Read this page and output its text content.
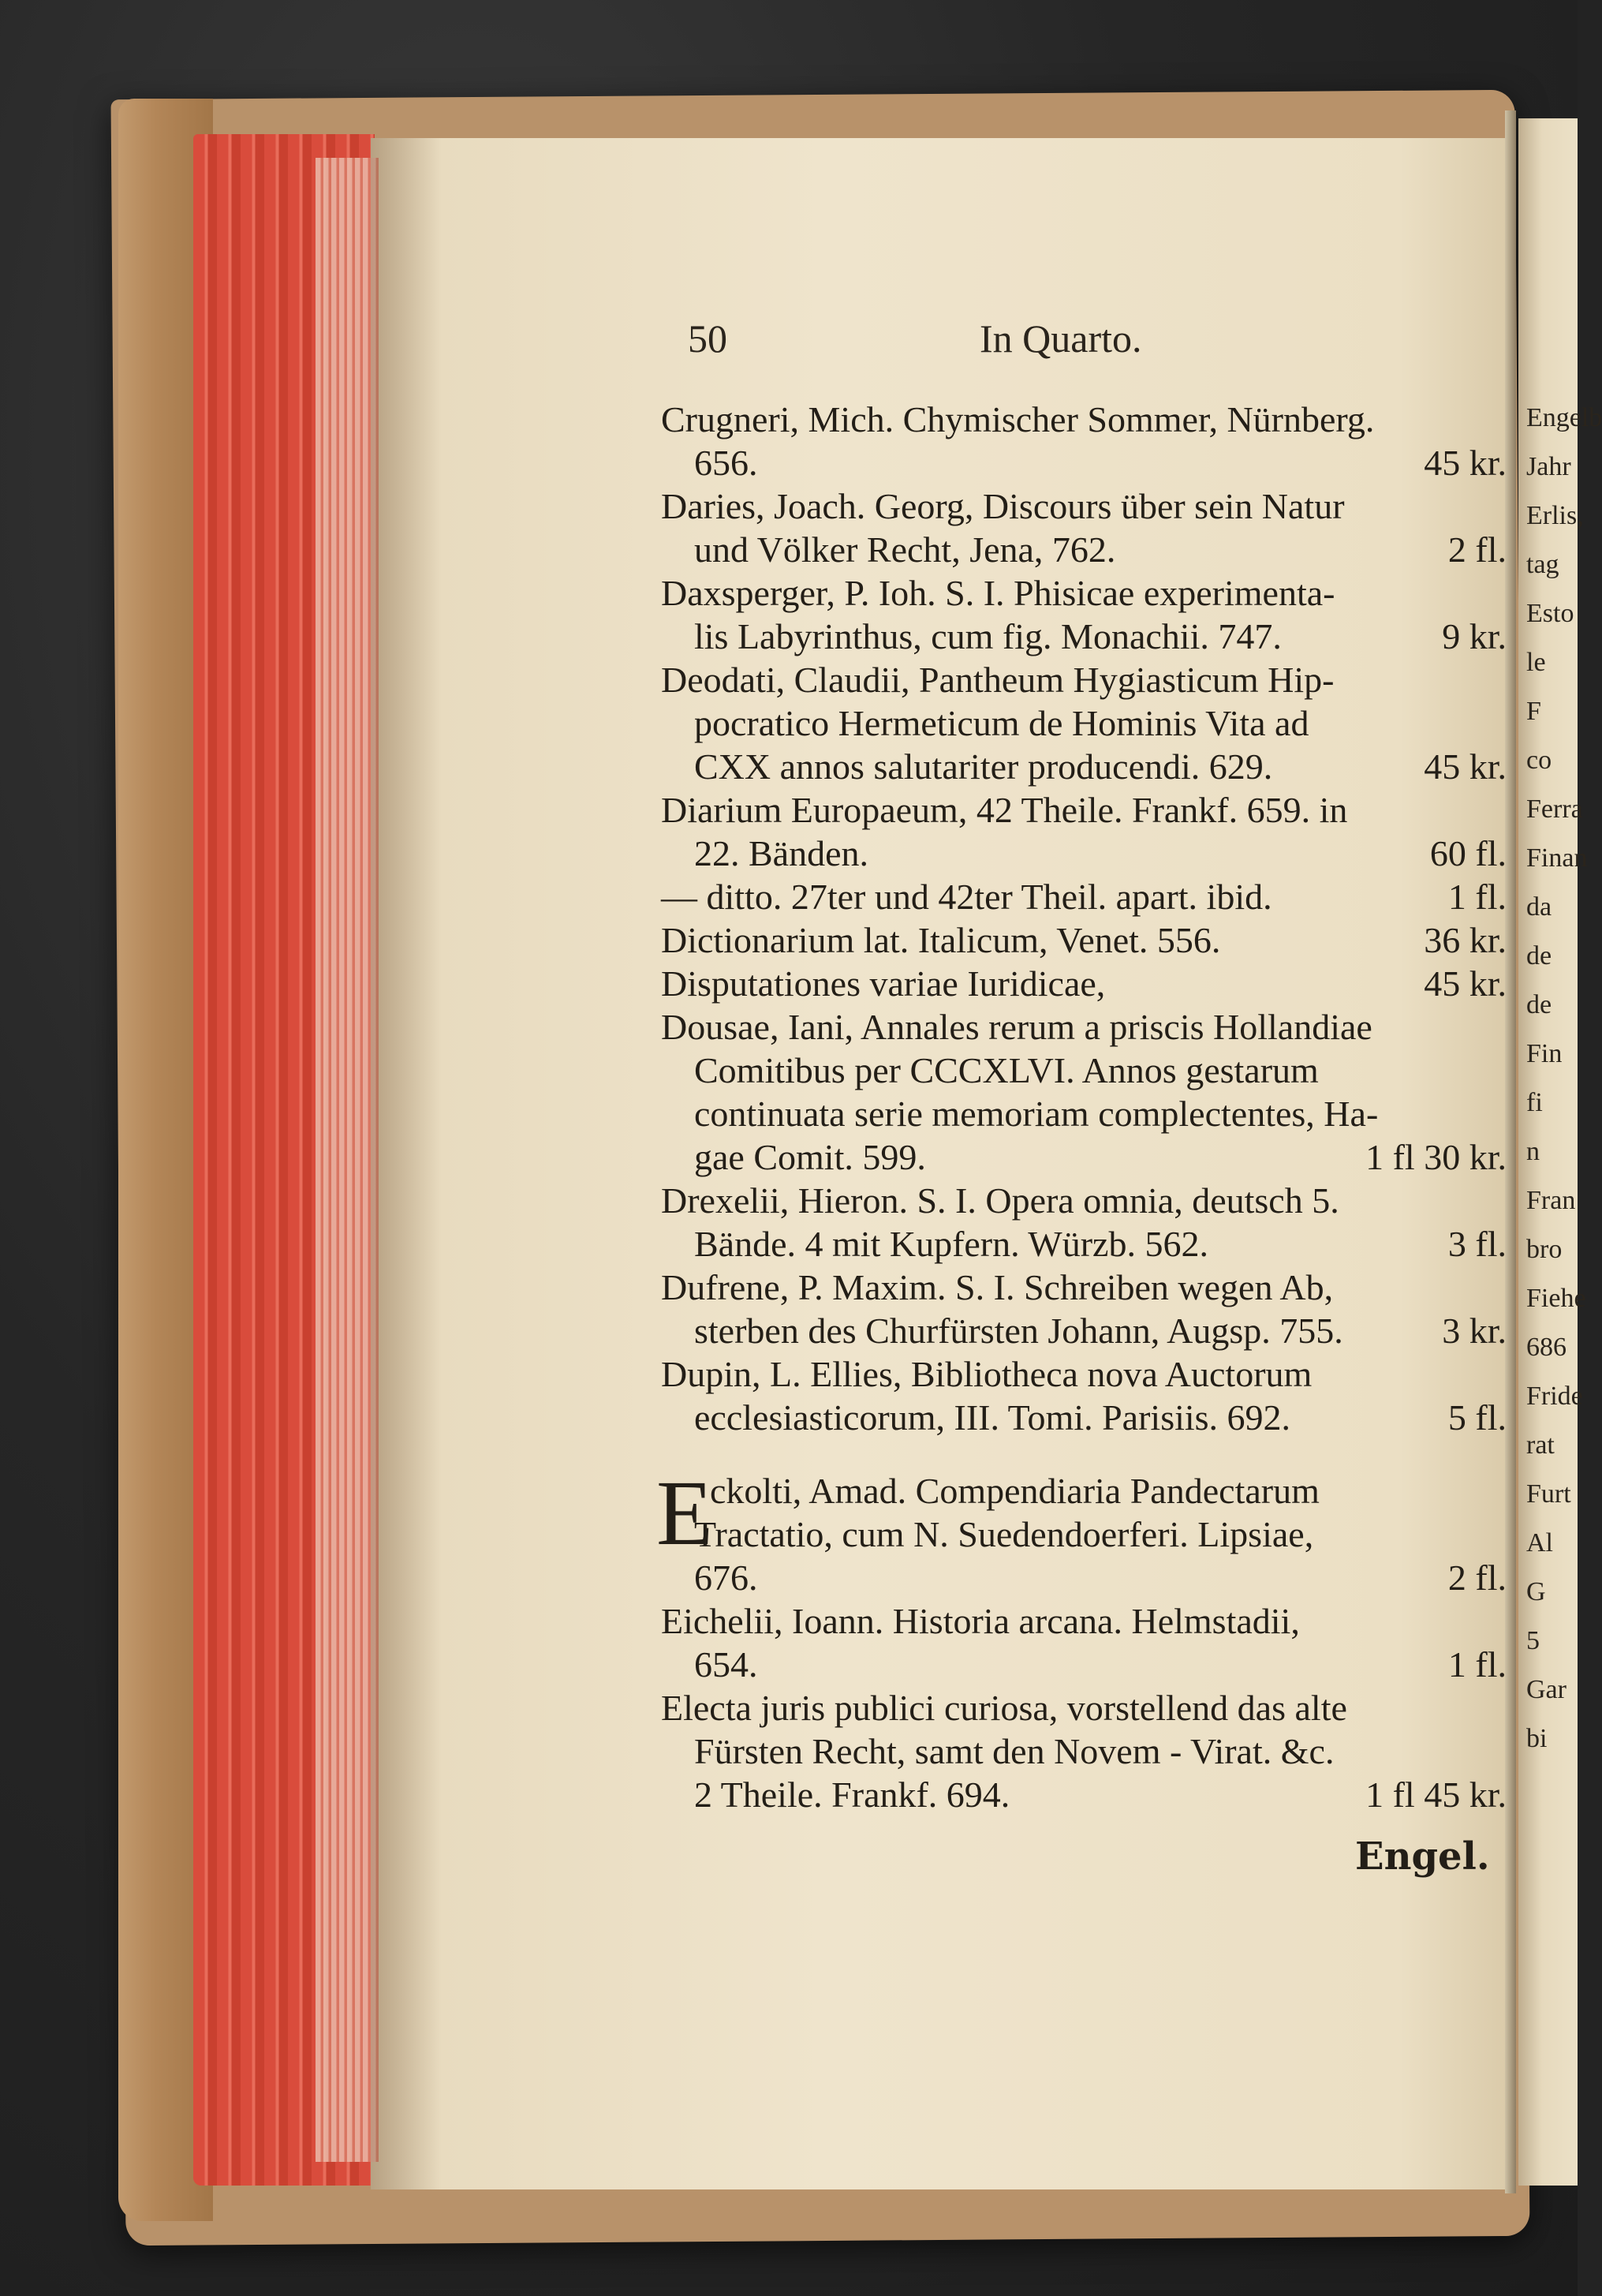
Engelb
Jahr
Erlis,
tag
Esto
le
F
co
Ferra
Finan
da
de
de
Fin
fi
n
Fran
bro
Fiehe
686
Fride
rat
Furt
Al
G
5
Gar
bi
50	In Quarto.
Crugneri, Mich. Chymischer Sommer, Nürnberg.
656.	45 kr.
Daries, Joach. Georg, Discours über sein Natur
und Völker Recht, Jena, 762.	2 fl.
Daxsperger, P. Ioh. S. I. Phisicae experimenta-
lis Labyrinthus, cum fig. Monachii. 747.	9 kr.
Deodati, Claudii, Pantheum Hygiasticum Hip-
pocratico Hermeticum de Hominis Vita ad
CXX annos salutariter producendi. 629.	45 kr.
Diarium Europaeum, 42 Theile. Frankf. 659. in
22. Bänden.	60 fl.
— ditto. 27ter und 42ter Theil. apart. ibid.	1 fl.
Dictionarium lat. Italicum, Venet. 556.	36 kr.
Disputationes variae Iuridicae,	45 kr.
Dousae, Iani, Annales rerum a priscis Hollandiae
Comitibus per CCCXLVI. Annos gestarum
continuata serie memoriam complectentes, Ha-
gae Comit. 599.	1 fl 30 kr.
Drexelii, Hieron. S. I. Opera omnia, deutsch 5.
Bände. 4 mit Kupfern. Würzb. 562.	3 fl.
Dufrene, P. Maxim. S. I. Schreiben wegen Ab,
sterben des Churfürsten Johann, Augsp. 755.	3 kr.
Dupin, L. Ellies, Bibliotheca nova Auctorum
ecclesiasticorum, III. Tomi. Parisiis. 692.	5 fl.
E
ckolti, Amad. Compendiaria Pandectarum
Tractatio, cum N. Suedendoerferi. Lipsiae,
676.	2 fl.
Eichelii, Ioann. Historia arcana. Helmstadii,
654.	1 fl.
Electa juris publici curiosa, vorstellend das alte
Fürsten Recht, samt den Novem - Virat. &c.
2 Theile. Frankf. 694.	1 fl 45 kr.
Engel.
